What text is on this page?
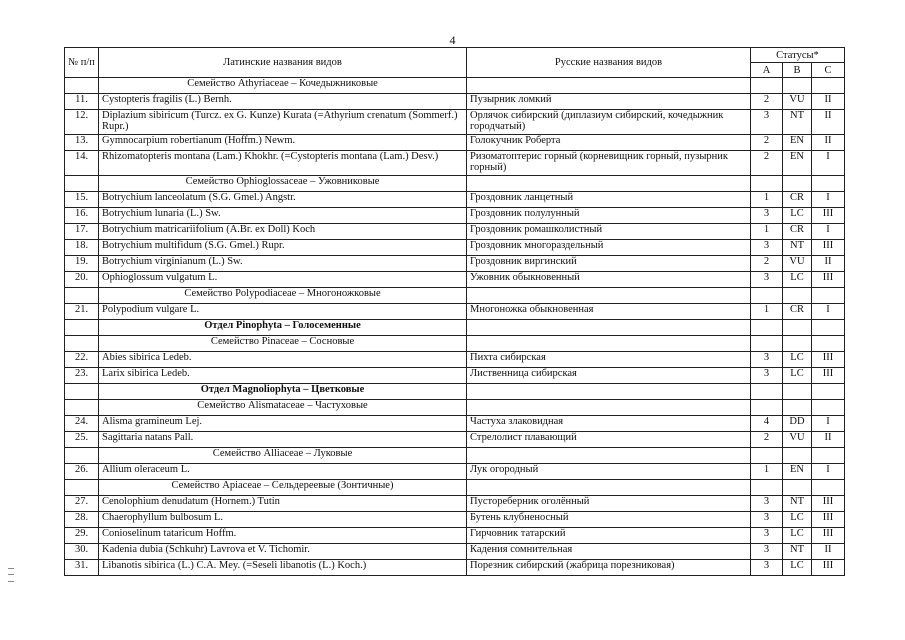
4
№ п/п	Латинские названия видов	Русские названия видов	Статусы*		
			А	В	С
	Семейство Athyriaceae – Кочедыжниковые				
11.	Cystopteris fragilis (L.) Bernh.	Пузырник ломкий	2	VU	II
12.	Diplazium sibiricum (Turcz. ex G. Kunze) Kurata (=Athyrium crenatum (Sommerf.) Rupr.)	Орлячок сибирский (диплазиум сибирский, кочедыжник городчатый)	3	NT	II
13.	Gymnocarpium robertianum (Hoffm.) Newm.	Голокучник Роберта	2	EN	II
14.	Rhizomatopteris montana (Lam.) Khokhr. (=Cystopteris montana (Lam.) Desv.)	Ризоматоптерис горный (корневищник горный, пузырник горный)	2	EN	I
	Семейство Ophioglossaceae – Ужовниковые				
15.	Botrychium lanceolatum (S.G. Gmel.) Angstr.	Гроздовник ланцетный	1	CR	I
16.	Botrychium lunaria (L.) Sw.	Гроздовник полулунный	3	LC	III
17.	Botrychium matricariifolium (A.Br. ex Doll) Koch	Гроздовник ромашколистный	1	CR	I
18.	Botrychium multifidum (S.G. Gmel.) Rupr.	Гроздовник многораздельный	3	NT	III
19.	Botrychium virginianum (L.) Sw.	Гроздовник виргинский	2	VU	II
20.	Ophioglossum vulgatum L.	Ужовник обыкновенный	3	LC	III
	Семейство Polypodiaceae – Многоножковые				
21.	Polypodium vulgare L.	Многоножка обыкновенная	1	CR	I
	Отдел Pinophyta – Голосеменные				
	Семейство Pinaceae – Сосновые				
22.	Abies sibirica Ledeb.	Пихта сибирская	3	LC	III
23.	Larix sibirica Ledeb.	Лиственница сибирская	3	LC	III
	Отдел Magnoliophyta – Цветковые				
	Семейство Alismataceae – Частуховые				
24.	Alisma gramineum Lej.	Частуха злаковидная	4	DD	I
25.	Sagittaria natans Pall.	Стрелолист плавающий	2	VU	II
	Семейство Alliaceae – Луковые				
26.	Allium oleraceum L.	Лук огородный	1	EN	I
	Семейство Apiaceae – Сельдереевые (Зонтичные)				
27.	Cenolophium denudatum (Hornem.) Tutin	Пустореберник оголённый	3	NT	III
28.	Chaerophyllum bulbosum L.	Бутень клубненосный	3	LC	III
29.	Conioselinum tataricum Hoffm.	Гирчовник татарский	3	LC	III
30.	Kadenia dubia (Schkuhr) Lavrova et V. Tichomir.	Кадения сомнительная	3	NT	II
31.	Libanotis sibirica (L.) C.A. Mey. (=Seseli libanotis (L.) Koch.)	Порезник сибирский (жабрица порезниковая)	3	LC	III
